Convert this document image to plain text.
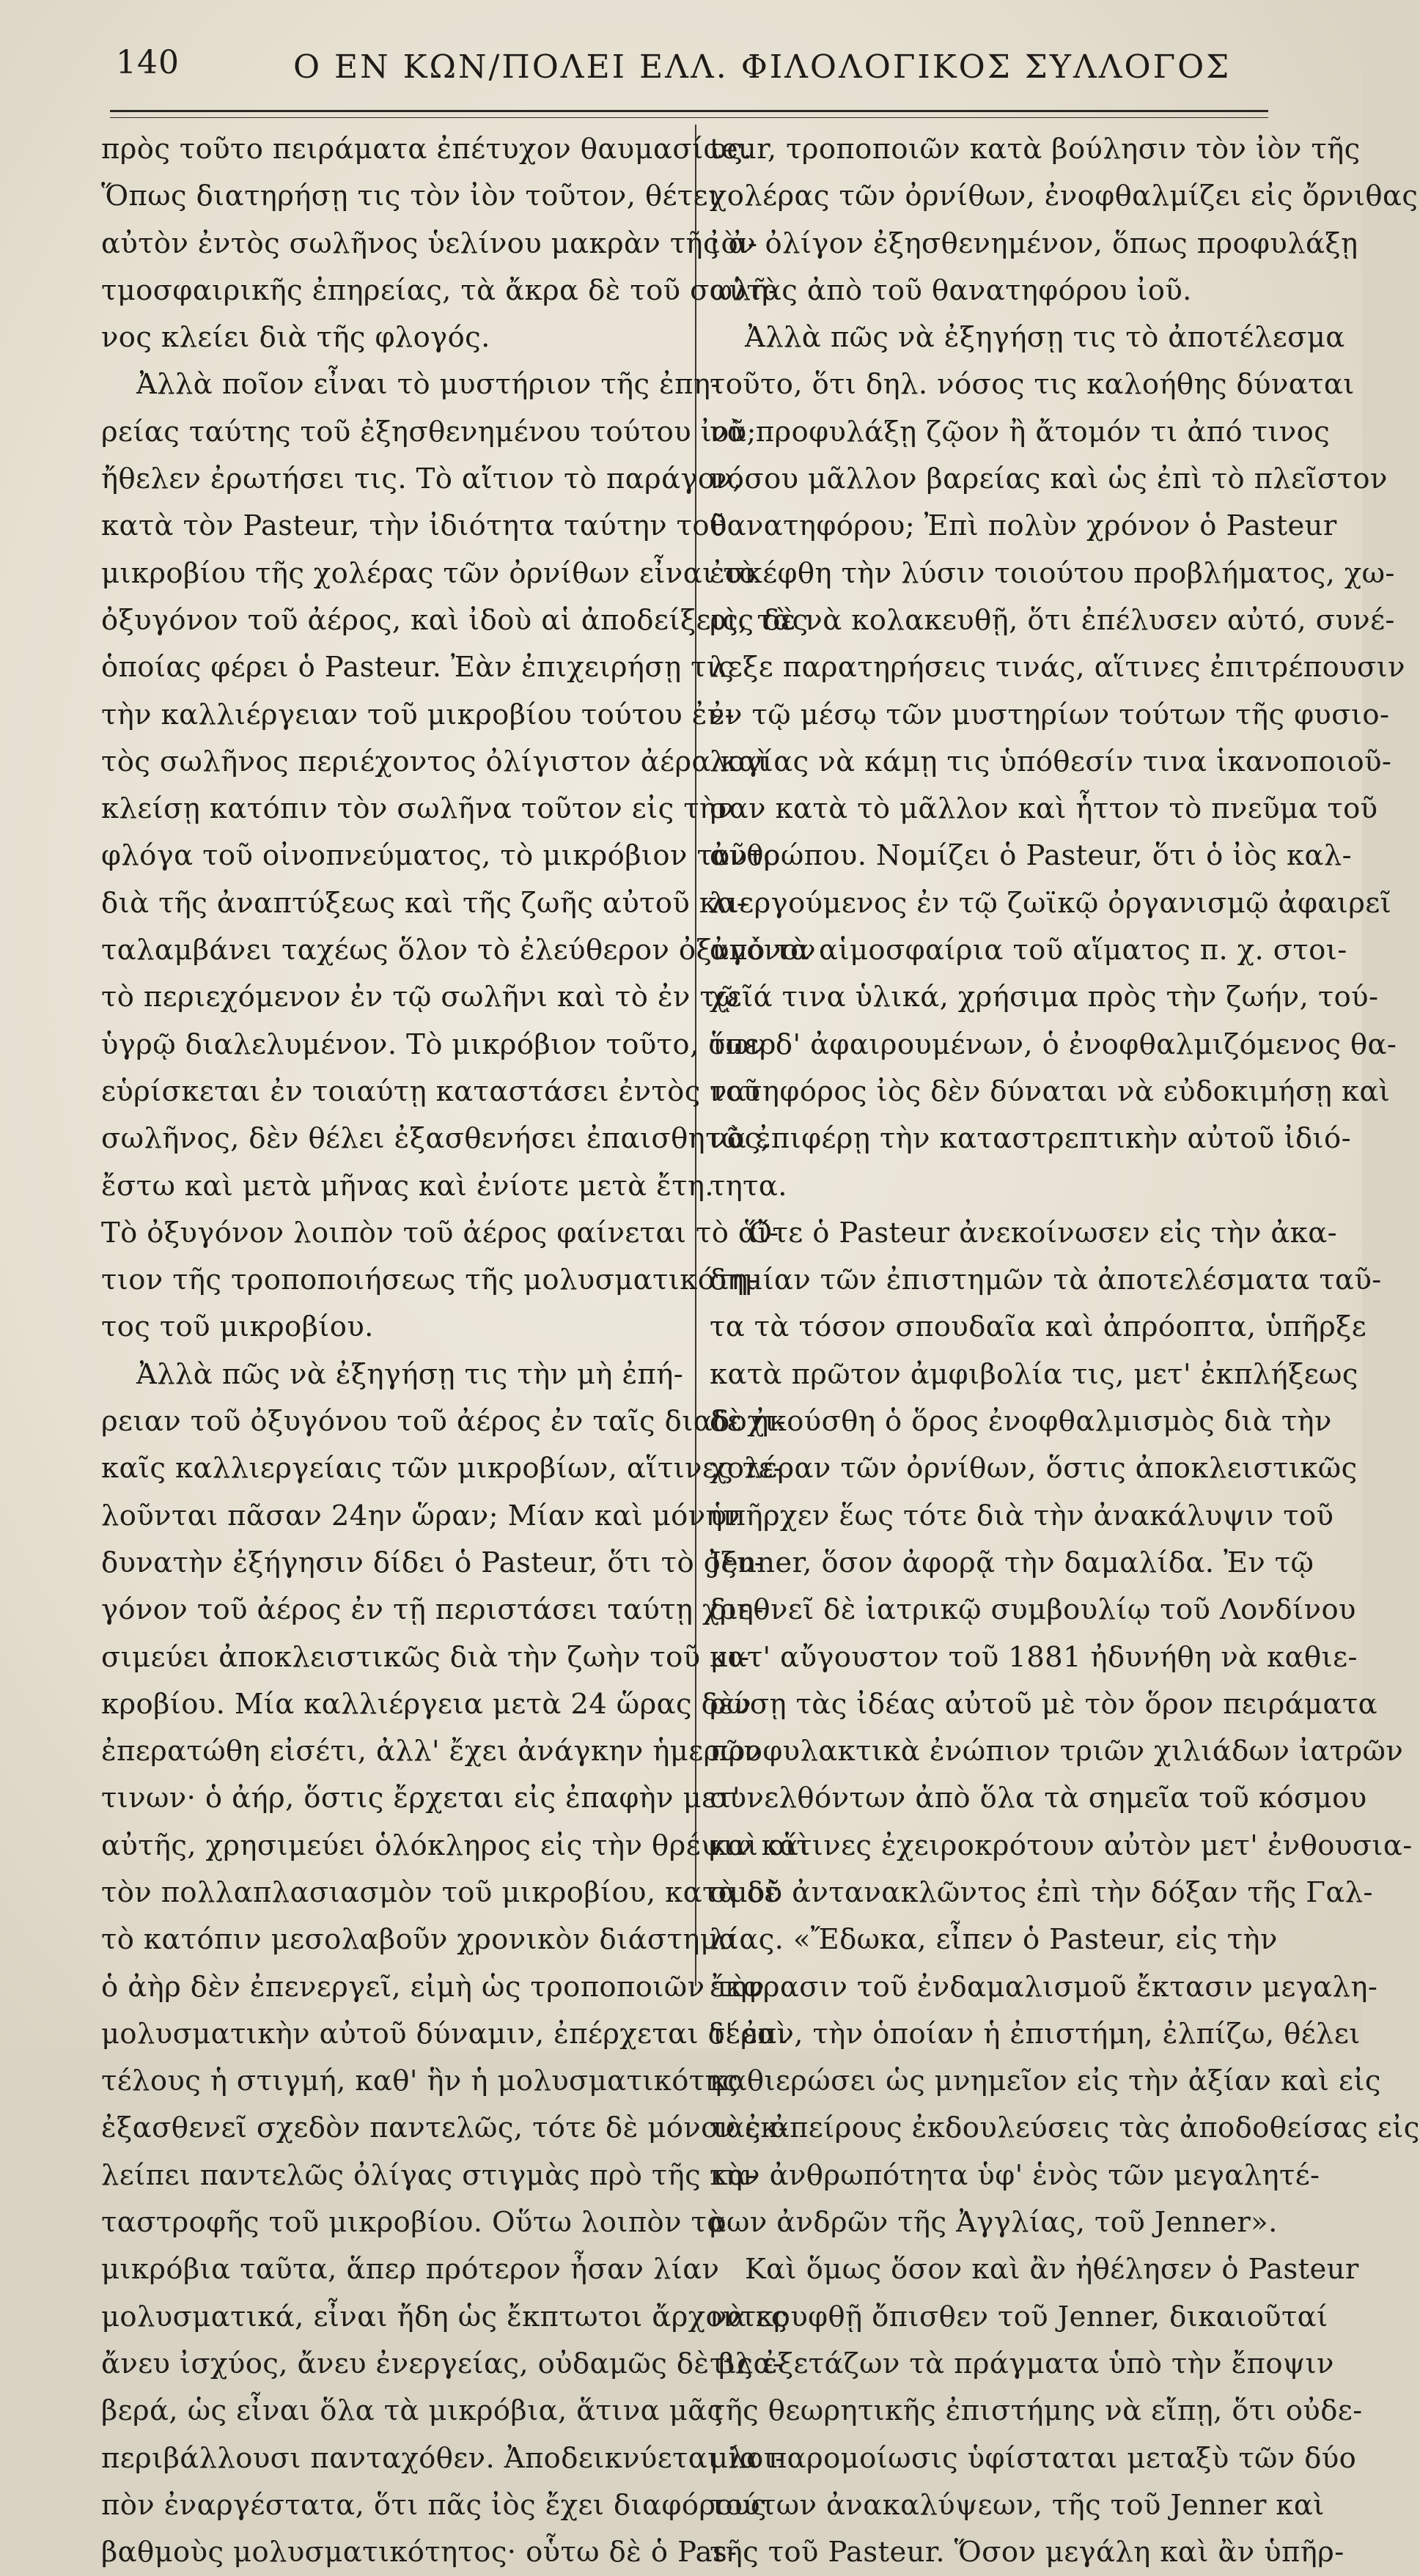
140	Ο ΕΝ ΚΩΝ/ΠΟΛΕΙ ΕΛΛ. ΦΙΛΟΛΟΓΙΚΟΣ ΣΥΛΛΟΓΟΣ
πρὸς τοῦτο πειράματα ἐπέτυχον θαυμασίως.
Ὅπως διατηρήσῃ τις τὸν ἰὸν τοῦτον, θέτει
αὐτὸν ἐντὸς σωλῆνος ὑελίνου μακρὰν τῆς ἀ-
τμοσφαιρικῆς ἐπηρείας, τὰ ἄκρα δὲ τοῦ σωλῆ-
νος κλείει διὰ τῆς φλογός.
Ἀλλὰ ποῖον εἶναι τὸ μυστήριον τῆς ἐπη-
ρείας ταύτης τοῦ ἐξησθενημένου τούτου ἰοῦ;
ἤθελεν ἐρωτήσει τις. Τὸ αἴτιον τὸ παράγον,
κατὰ τὸν Pasteur, τὴν ἰδιότητα ταύτην τοῦ
μικροβίου τῆς χολέρας τῶν ὀρνίθων εἶναι τὸ
ὀξυγόνον τοῦ ἀέρος, καὶ ἰδοὺ αἱ ἀποδείξεις, τὰς
ὁποίας φέρει ὁ Pasteur. Ἐὰν ἐπιχειρήσῃ τις
τὴν καλλιέργειαν τοῦ μικροβίου τούτου ἐν-
τὸς σωλῆνος περιέχοντος ὀλίγιστον ἀέρα καὶ
κλείσῃ κατόπιν τὸν σωλῆνα τοῦτον εἰς τὴν
φλόγα τοῦ οἰνοπνεύματος, τὸ μικρόβιον τοῦτο
διὰ τῆς ἀναπτύξεως καὶ τῆς ζωῆς αὐτοῦ κα-
ταλαμβάνει ταχέως ὅλον τὸ ἐλεύθερον ὀξυγόνον
τὸ περιεχόμενον ἐν τῷ σωλῆνι καὶ τὸ ἐν τῷ
ὑγρῷ διαλελυμένον. Τὸ μικρόβιον τοῦτο, ὅπερ
εὑρίσκεται ἐν τοιαύτῃ καταστάσει ἐντὸς τοῦ
σωλῆνος, δὲν θέλει ἐξασθενήσει ἐπαισθητῶς,
ἔστω καὶ μετὰ μῆνας καὶ ἐνίοτε μετὰ ἔτη.
Τὸ ὀξυγόνον λοιπὸν τοῦ ἀέρος φαίνεται τὸ αἴ-
τιον τῆς τροποποιήσεως τῆς μολυσματικότη-
τος τοῦ μικροβίου.
Ἀλλὰ πῶς νὰ ἐξηγήσῃ τις τὴν μὴ ἐπή-
ρειαν τοῦ ὀξυγόνου τοῦ ἀέρος ἐν ταῖς διαδοχι-
καῖς καλλιεργείαις τῶν μικροβίων, αἵτινες τε-
λοῦνται πᾶσαν 24ην ὥραν; Μίαν καὶ μόνην
δυνατὴν ἐξήγησιν δίδει ὁ Pasteur, ὅτι τὸ ὀξυ-
γόνον τοῦ ἀέρος ἐν τῇ περιστάσει ταύτῃ χρη-
σιμεύει ἀποκλειστικῶς διὰ τὴν ζωὴν τοῦ μι-
κροβίου. Μία καλλιέργεια μετὰ 24 ὥρας δὲν
ἐπερατώθη εἰσέτι, ἀλλ' ἔχει ἀνάγκην ἡμερῶν
τινων· ὁ ἀήρ, ὅστις ἔρχεται εἰς ἐπαφὴν μετ'
αὐτῆς, χρησιμεύει ὁλόκληρος εἰς τὴν θρέψιν καὶ
τὸν πολλαπλασιασμὸν τοῦ μικροβίου, κατὰ δὲ
τὸ κατόπιν μεσολαβοῦν χρονικὸν διάστημα
ὁ ἀὴρ δὲν ἐπενεργεῖ, εἰμὴ ὡς τροποποιῶν τὴν
μολυσματικὴν αὐτοῦ δύναμιν, ἐπέρχεται δ' ἐπὶ
τέλους ἡ στιγμή, καθ' ἣν ἡ μολυσματικότης
ἐξασθενεῖ σχεδὸν παντελῶς, τότε δὲ μόνον ἐκ-
λείπει παντελῶς ὀλίγας στιγμὰς πρὸ τῆς κα-
ταστροφῆς τοῦ μικροβίου. Οὕτω λοιπὸν τὰ
μικρόβια ταῦτα, ἅπερ πρότερον ἦσαν λίαν
μολυσματικά, εἶναι ἤδη ὡς ἔκπτωτοι ἄρχοντες
ἄνευ ἰσχύος, ἄνευ ἐνεργείας, οὐδαμῶς δὲ βλα-
βερά, ὡς εἶναι ὅλα τὰ μικρόβια, ἅτινα μᾶς
περιβάλλουσι πανταχόθεν. Ἀποδεικνύεται λοι-
πὸν ἐναργέστατα, ὅτι πᾶς ἰὸς ἔχει διαφόρους
βαθμοὺς μολυσματικότητος· οὗτω δὲ ὁ Pas-
teur, τροποποιῶν κατὰ βούλησιν τὸν ἰὸν τῆς
χολέρας τῶν ὀρνίθων, ἐνοφθαλμίζει εἰς ὄρνιθας
ἰὸν ὀλίγον ἐξησθενημένον, ὅπως προφυλάξῃ
αὐτὰς ἀπὸ τοῦ θανατηφόρου ἰοῦ.
Ἀλλὰ πῶς νὰ ἐξηγήσῃ τις τὸ ἀποτέλεσμα
τοῦτο, ὅτι δηλ. νόσος τις καλοήθης δύναται
νὰ προφυλάξῃ ζῷον ἢ ἄτομόν τι ἀπό τινος
νόσου μᾶλλον βαρείας καὶ ὡς ἐπὶ τὸ πλεῖστον
θανατηφόρου; Ἐπὶ πολὺν χρόνον ὁ Pasteur
ἐσκέφθη τὴν λύσιν τοιούτου προβλήματος, χω-
ρὶς δὲ νὰ κολακευθῇ, ὅτι ἐπέλυσεν αὐτό, συνέ-
λεξε παρατηρήσεις τινάς, αἵτινες ἐπιτρέπουσιν
ἐν τῷ μέσῳ τῶν μυστηρίων τούτων τῆς φυσιο-
λογίας νὰ κάμῃ τις ὑπόθεσίν τινα ἱκανοποιοῦ-
σαν κατὰ τὸ μᾶλλον καὶ ἧττον τὸ πνεῦμα τοῦ
ἀνθρώπου. Νομίζει ὁ Pasteur, ὅτι ὁ ἰὸς καλ-
λιεργούμενος ἐν τῷ ζωϊκῷ ὀργανισμῷ ἀφαιρεῖ
ἀπὸ τὰ αἱμοσφαίρια τοῦ αἵματος π. χ. στοι-
χεῖά τινα ὑλικά, χρήσιμα πρὸς τὴν ζωήν, τού-
των δ' ἀφαιρουμένων, ὁ ἐνοφθαλμιζόμενος θα-
νατηφόρος ἰὸς δὲν δύναται νὰ εὐδοκιμήσῃ καὶ
νὰ ἐπιφέρῃ τὴν καταστρεπτικὴν αὐτοῦ ἰδιό-
τητα.
Ὅτε ὁ Pasteur ἀνεκοίνωσεν εἰς τὴν ἀκα-
δημίαν τῶν ἐπιστημῶν τὰ ἀποτελέσματα ταῦ-
τα τὰ τόσον σπουδαῖα καὶ ἀπρόοπτα, ὑπῆρξε
κατὰ πρῶτον ἀμφιβολία τις, μετ' ἐκπλήξεως
δὲ ἠκούσθη ὁ ὅρος ἐνοφθαλμισμὸς διὰ τὴν
χολέραν τῶν ὀρνίθων, ὅστις ἀποκλειστικῶς
ὑπῆρχεν ἕως τότε διὰ τὴν ἀνακάλυψιν τοῦ
Jenner, ὅσον ἀφορᾷ τὴν δαμαλίδα. Ἐν τῷ
διεθνεῖ δὲ ἰατρικῷ συμβουλίῳ τοῦ Λονδίνου
κατ' αὔγουστον τοῦ 1881 ἠδυνήθη νὰ καθιε-
ρώσῃ τὰς ἰδέας αὐτοῦ μὲ τὸν ὅρον πειράματα
προφυλακτικὰ ἐνώπιον τριῶν χιλιάδων ἰατρῶν
συνελθόντων ἀπὸ ὅλα τὰ σημεῖα τοῦ κόσμου
καὶ οἵτινες ἐχειροκρότουν αὐτὸν μετ' ἐνθουσια-
σμοῦ ἀντανακλῶντος ἐπὶ τὴν δόξαν τῆς Γαλ-
λίας. «Ἔδωκα, εἶπεν ὁ Pasteur, εἰς τὴν
ἔκφρασιν τοῦ ἐνδαμαλισμοῦ ἔκτασιν μεγαλη-
τέραν, τὴν ὁποίαν ἡ ἐπιστήμη, ἐλπίζω, θέλει
καθιερώσει ὡς μνημεῖον εἰς τὴν ἀξίαν καὶ εἰς
τὰς ἀπείρους ἐκδουλεύσεις τὰς ἀποδοθείσας εἰς
τὴν ἀνθρωπότητα ὑφ' ἑνὸς τῶν μεγαλητέ-
ρων ἀνδρῶν τῆς Ἀγγλίας, τοῦ Jenner».
Καὶ ὅμως ὅσον καὶ ἂν ἠθέλησεν ὁ Pasteur
νὰ κρυφθῇ ὄπισθεν τοῦ Jenner, δικαιοῦταί
τις ἐξετάζων τὰ πράγματα ὑπὸ τὴν ἔποψιν
τῆς θεωρητικῆς ἐπιστήμης νὰ εἴπῃ, ὅτι οὐδε-
μία παρομοίωσις ὑφίσταται μεταξὺ τῶν δύο
τούτων ἀνακαλύψεων, τῆς τοῦ Jenner καὶ
τῆς τοῦ Pasteur. Ὅσον μεγάλη καὶ ἂν ὑπῆρ-
